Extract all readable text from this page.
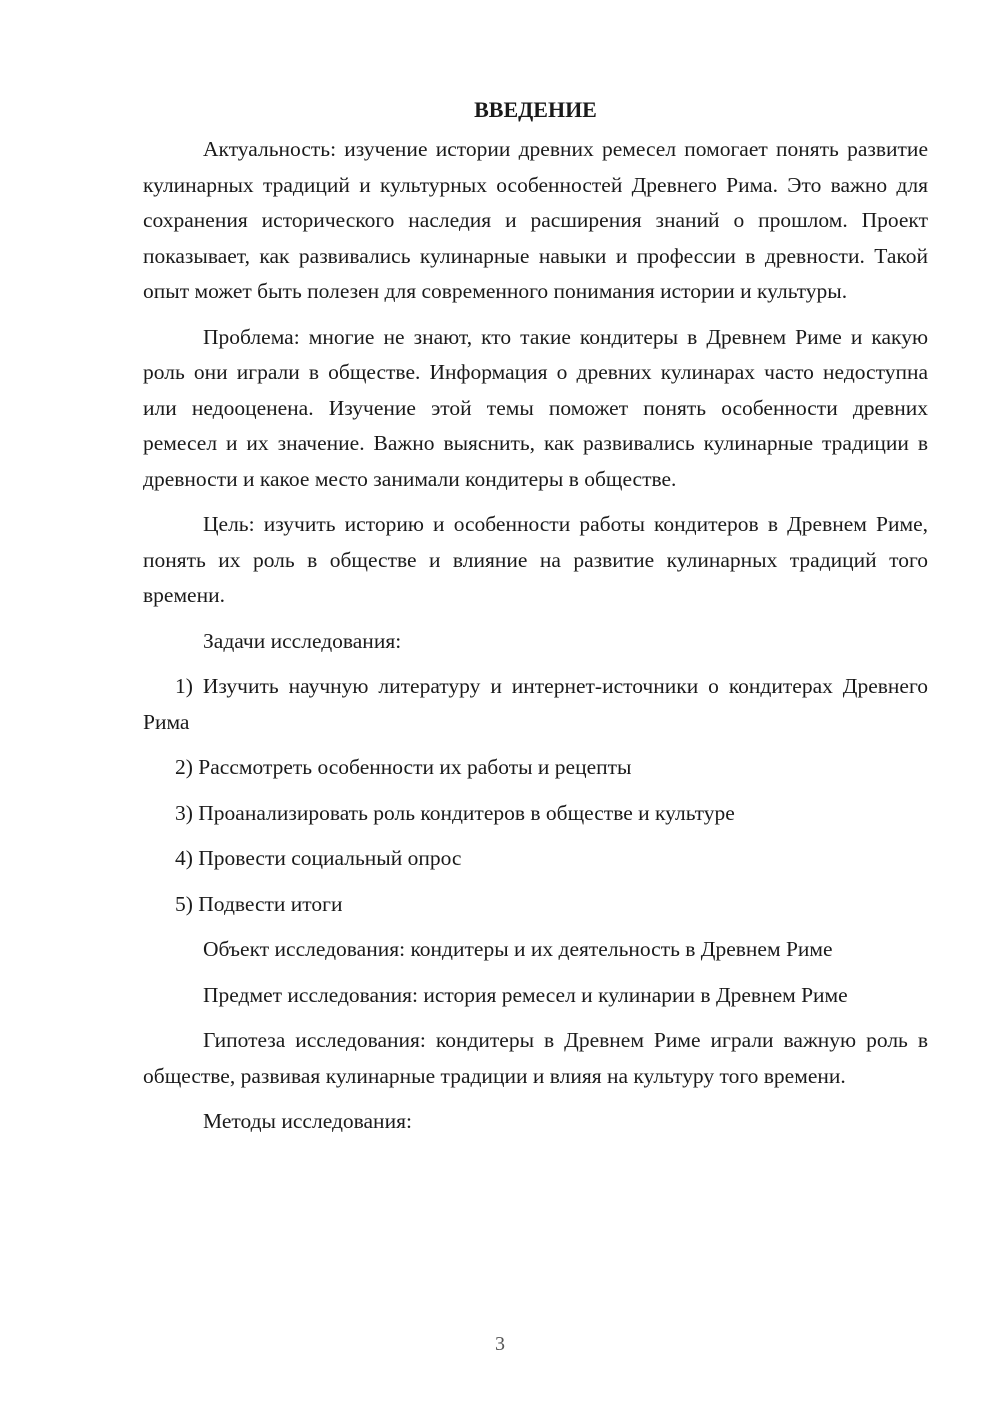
ВВЕДЕНИЕ

Актуальность: изучение истории древних ремесел помогает понять развитие кулинарных традиций и культурных особенностей Древнего Рима. Это важно для сохранения исторического наследия и расширения знаний о прошлом. Проект показывает, как развивались кулинарные навыки и профессии в древности. Такой опыт может быть полезен для современного понимания истории и культуры.

Проблема: многие не знают, кто такие кондитеры в Древнем Риме и какую роль они играли в обществе. Информация о древних кулинарах часто недоступна или недооценена. Изучение этой темы поможет понять особенности древних ремесел и их значение. Важно выяснить, как развивались кулинарные традиции в древности и какое место занимали кондитеры в обществе.

Цель: изучить историю и особенности работы кондитеров в Древнем Риме, понять их роль в обществе и влияние на развитие кулинарных традиций того времени.

Задачи исследования:

1) Изучить научную литературу и интернет-источники о кондитерах Древнего Рима

2) Рассмотреть особенности их работы и рецепты

3) Проанализировать роль кондитеров в обществе и культуре

4) Провести социальный опрос

5) Подвести итоги

Объект исследования: кондитеры и их деятельность в Древнем Риме

Предмет исследования: история ремесел и кулинарии в Древнем Риме

Гипотеза исследования: кондитеры в Древнем Риме играли важную роль в обществе, развивая кулинарные традиции и влияя на культуру того времени.

Методы исследования:

3
